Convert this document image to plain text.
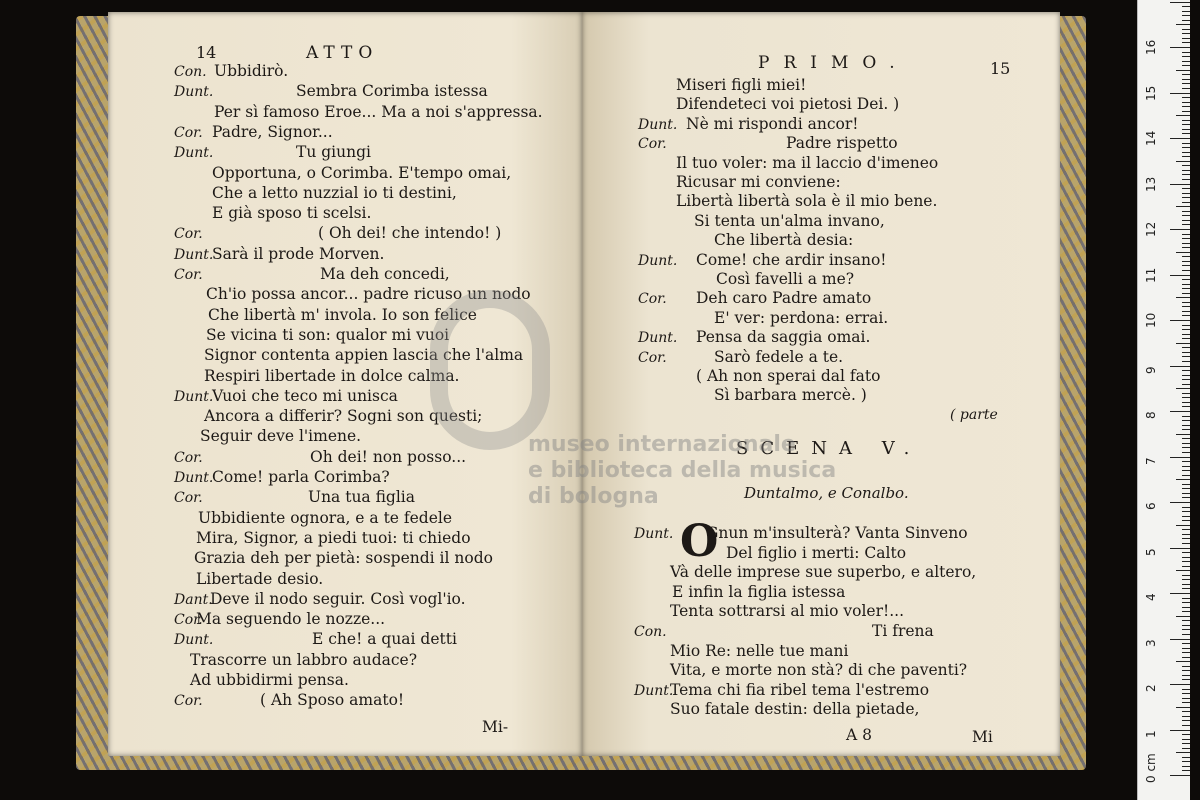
14	ATTO
Con. Ubbidirò.
Dunt.	Sembra Corimba istessa
Per sì famoso Eroe... Ma a noi s'appressa.
Cor. Padre, Signor...
Dunt.	Tu giungi
Opportuna, o Corimba. E'tempo omai,
Che a letto nuzzial io ti destini,
E già sposo ti scelsi.
Cor.	( Oh dei! che intendo! )
Dunt.
Sarà il prode Morven.
Cor.	Ma deh concedi,
Ch'io possa ancor... padre ricuso un nodo
Che libertà m' invola. Io son felice
Se vicina ti son: qualor mi vuoi
Signor contenta appien lascia che l'alma
Respiri libertade in dolce calma.
Dunt.
Vuoi che teco mi unisca
Ancora a differir? Sogni son questi;
Seguir deve l'imene.
Cor.	Oh dei! non posso...
Dunt.
Come! parla Corimba?
Cor.	Una tua figlia
Ubbidiente ognora, e a te fedele
Mira, Signor, a piedi tuoi: ti chiedo
Grazia deh per pietà: sospendi il nodo
Libertade desio.
Dant.
Deve il nodo seguir. Così vogl'io.
Cor.
Ma seguendo le nozze...
Dunt.	E che! a quai detti
Trascorre un labbro audace?
Ad ubbidirmi pensa.
Cor.	( Ah Sposo amato!
Mi-
PRIMO.	15
Miseri figli miei!
Difendeteci voi pietosi Dei. )
Dunt. Nè mi rispondi ancor!
Cor.	Padre rispetto
Il tuo voler: ma il laccio d'imeneo
Ricusar mi conviene:
Libertà libertà sola è il mio bene.
Si tenta un'alma invano,
Che libertà desia:
Dunt. Come! che ardir insano!
Così favelli a me?
Cor. Deh caro Padre amato
E' ver: perdona: errai.
Dunt. Pensa da saggia omai.
Cor.	Sarò fedele a te.
( Ah non sperai dal fato
Sì barbara mercè. )
( parte
SCENA V.
Duntalmo, e Conalbo.
O
Dunt. Gnun m'insulterà? Vanta Sinveno
Del figlio i merti: Calto
Và delle imprese sue superbo, e altero,
E infin la figlia istessa
Tenta sottrarsi al mio voler!...
Con.	Ti frena
Mio Re: nelle tue mani
Vita, e morte non stà? di che paventi?
Dunt.
Tema chi fia ribel tema l'estremo
Suo fatale destin: della pietade,
A 8	Mi
museo internazionale
e biblioteca della musica
di bologna
0 cm
1
2
3
4
5
6
7
8
9
10
11
12
13
14
15
16
